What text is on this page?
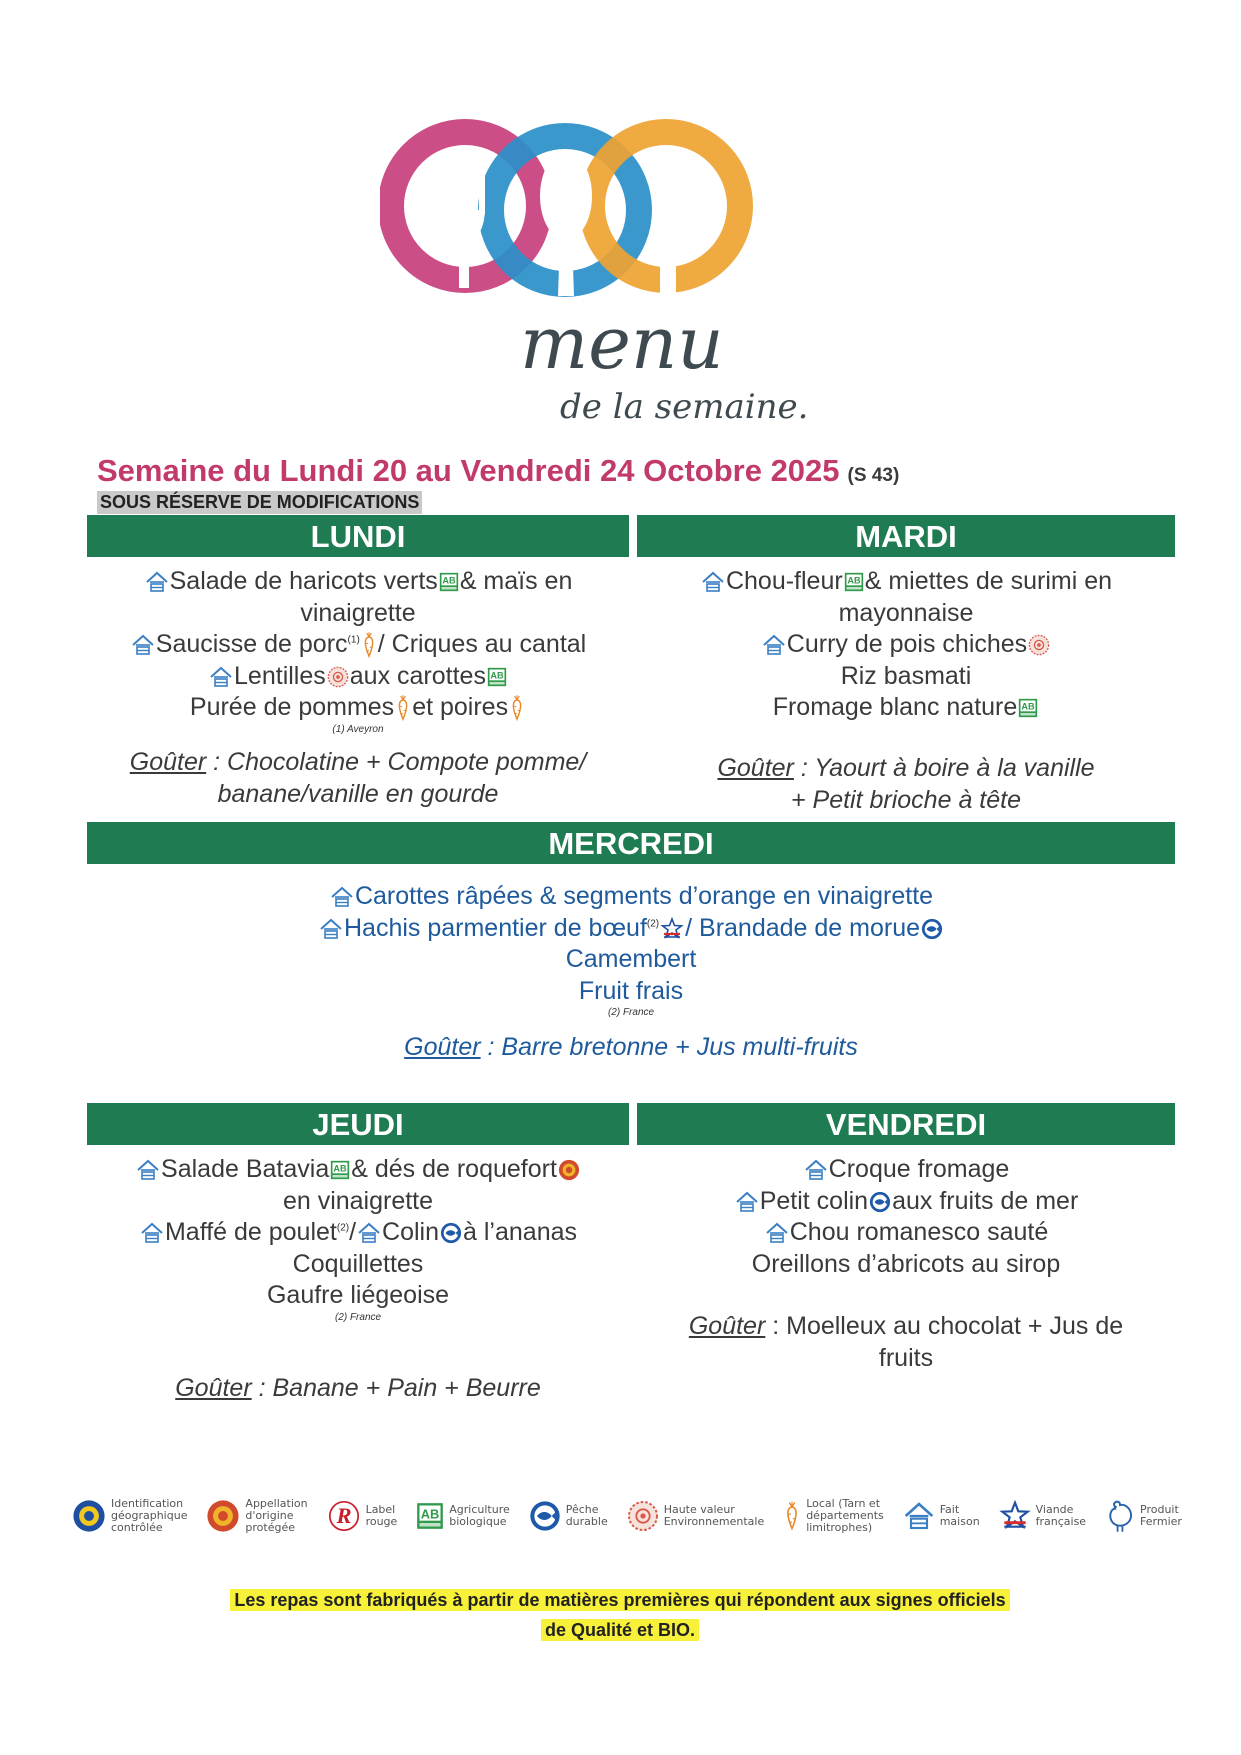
menu
de la semaine.
Semaine du Lundi 20 au Vendredi 24 Octobre 2025 (S 43)
SOUS RÉSERVE DE MODIFICATIONS
LUNDI	MARDI
MERCREDI
JEUDI	VENDREDI
Salade de haricots verts & maïs en
vinaigrette
Saucisse de porc$^{(1)}$ / Criques au cantal
Lentilles aux carottes
Purée de pommes et poires
(1) Aveyron
Goûter : Chocolatine + Compote pomme/
banane/vanille en gourde
Chou-fleur & miettes de surimi en
mayonnaise
Curry de pois chiches
Riz basmati
Fromage blanc nature
Goûter : Yaourt à boire à la vanille
+ Petit brioche à tête
Carottes râpées & segments d’orange en vinaigrette
Hachis parmentier de bœuf$^{(2)}$ / Brandade de morue
Camembert
Fruit frais
(2) France
Goûter : Barre bretonne + Jus multi-fruits
Salade Batavia & dés de roquefort
en vinaigrette
Maffé de poulet$^{(2)}$/ Colin à l’ananas
Coquillettes
Gaufre liégeoise
(2) France
Goûter : Banane + Pain + Beurre
Croque fromage
Petit colin aux fruits de mer
Chou romanesco sauté
Oreillons d’abricots au sirop
Goûter : Moelleux au chocolat + Jus de
fruits
Identification
géographique
contrôlée
Appellation
d'origine
protégée
Label
rouge
Agriculture
biologique
Pêche
durable
Haute valeur
Environnementale
Local (Tarn et
départements
limitrophes)
Fait
maison
Viande
française
Produit
Fermier
Les repas sont fabriqués à partir de matières premières qui répondent aux signes officiels
de Qualité et BIO.
